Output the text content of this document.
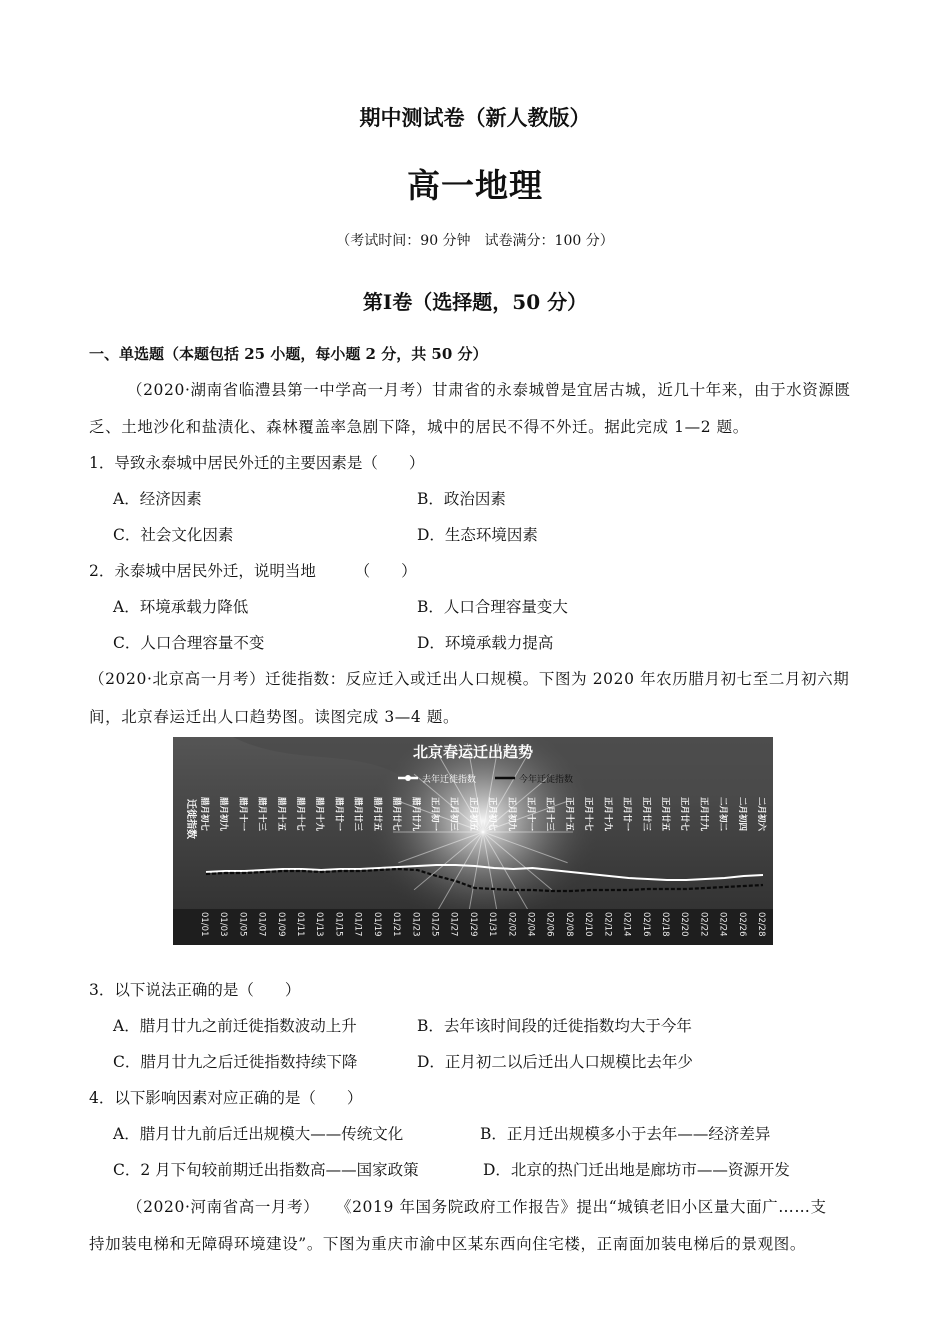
期中测试卷（新人教版）
高一地理
（考试时间：90 分钟　试卷满分：100 分）
第Ⅰ卷（选择题，50 分）
一、单选题（本题包括 25 小题，每小题 2 分，共 50 分）
（2020·湖南省临澧县第一中学高一月考）甘肃省的永泰城曾是宜居古城，近几十年来，由于水资源匮
乏、土地沙化和盐渍化、森林覆盖率急剧下降，城中的居民不得不外迁。据此完成 1—2 题。
1．导致永泰城中居民外迁的主要因素是（　　）
A．经济因素	B．政治因素
C．社会文化因素	D．生态环境因素
2．永泰城中居民外迁，说明当地　　　（　　）
A．环境承载力降低	B．人口合理容量变大
C．人口合理容量不变	D．环境承载力提高
（2020·北京高一月考）迁徙指数：反应迁入或迁出人口规模。下图为 2020 年农历腊月初七至二月初六期
间，北京春运迁出人口趋势图。读图完成 3—4 题。
北京春运迁出趋势
去年迁徙指数	今年迁徙指数
迁徙指数 腊月初七 腊月初九 腊月十一 腊月十三 腊月十五 腊月十七 腊月十九 腊月廿一 腊月廿三 腊月廿五 腊月廿七 腊月廿九 正月初一 正月初三 正月初五 正月初七 正月初九 正月十一 正月十三 正月十五 正月十七 正月十九 正月廿一 正月廿三 正月廿五 正月廿七 正月廿九 二月初二 二月初四 二月初六
01/01 01/03 01/05 01/07 01/09 01/11 01/13 01/15 01/17 01/19 01/21 01/23 01/25 01/27 01/29 01/31 02/02 02/04 02/06 02/08 02/10 02/12 02/14 02/16 02/18 02/20 02/22 02/24 02/26 02/28
3．以下说法正确的是（　　）
A．腊月廿九之前迁徙指数波动上升	B．去年该时间段的迁徙指数均大于今年
C．腊月廿九之后迁徙指数持续下降	D．正月初二以后迁出人口规模比去年少
4．以下影响因素对应正确的是（　　）
A．腊月廿九前后迁出规模大——传统文化	B．正月迁出规模多小于去年——经济差异
C．2 月下旬较前期迁出指数高——国家政策	D．北京的热门迁出地是廊坊市——资源开发
（2020·河南省高一月考）　　《2019 年国务院政府工作报告》提出“城镇老旧小区量大面广……支
持加装电梯和无障碍环境建设”。下图为重庆市渝中区某东西向住宅楼，正南面加装电梯后的景观图。
